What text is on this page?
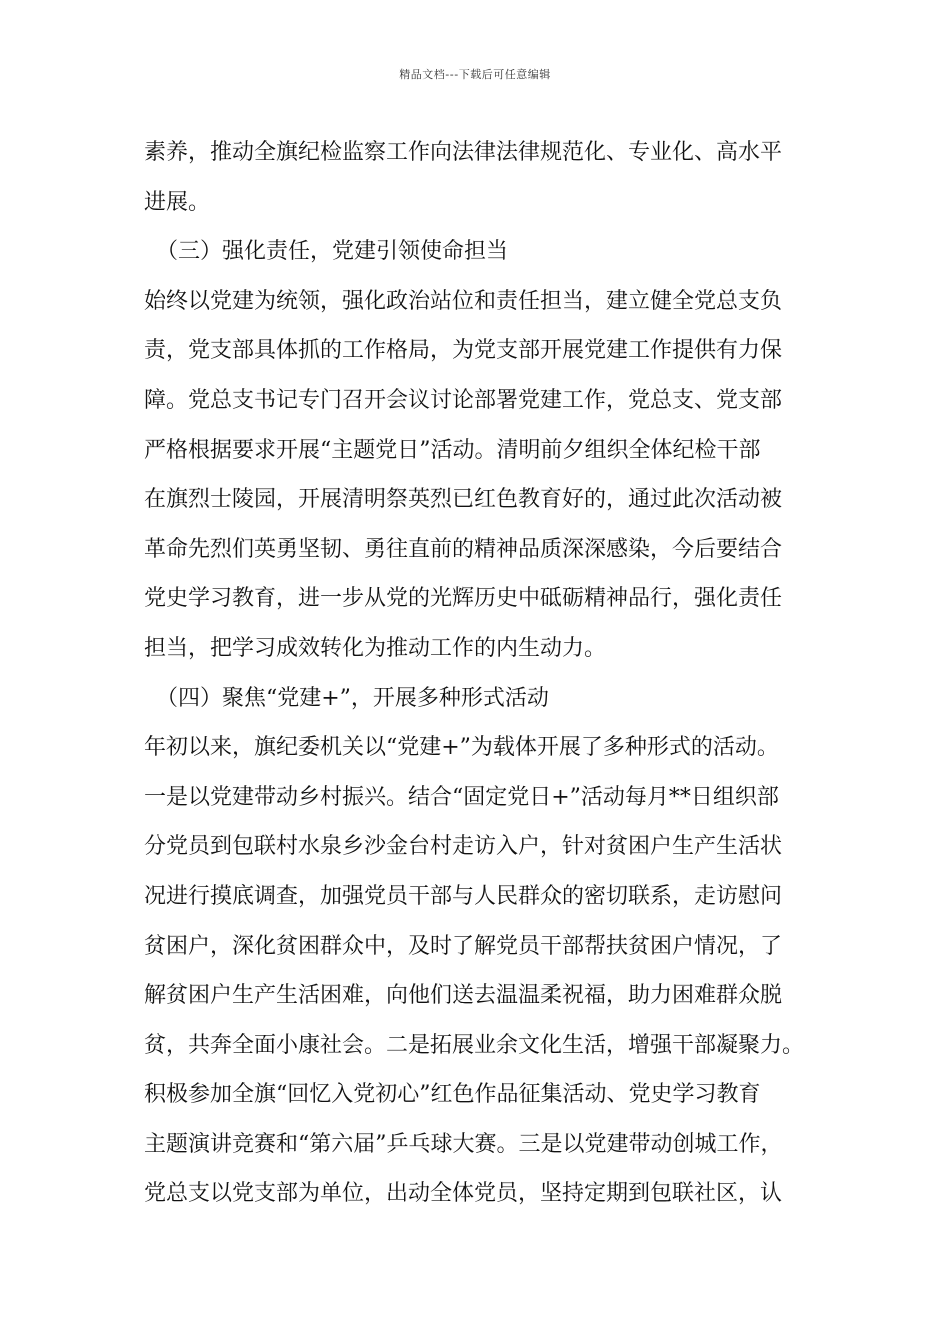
精品文档---下载后可任意编辑
素养，推动全旗纪检监察工作向法律法律规范化、专业化、高水平
进展。
（三）强化责任，党建引领使命担当
始终以党建为统领，强化政治站位和责任担当，建立健全党总支负
责，党支部具体抓的工作格局，为党支部开展党建工作提供有力保
障。党总支书记专门召开会议讨论部署党建工作，党总支、党支部
严格根据要求开展“主题党日”活动。清明前夕组织全体纪检干部
在旗烈士陵园，开展清明祭英烈已红色教育好的，通过此次活动被
革命先烈们英勇坚韧、勇往直前的精神品质深深感染，今后要结合
党史学习教育，进一步从党的光辉历史中砥砺精神品行，强化责任
担当，把学习成效转化为推动工作的内生动力。
（四）聚焦“党建+”，开展多种形式活动
年初以来，旗纪委机关以“党建+”为载体开展了多种形式的活动。
一是以党建带动乡村振兴。结合“固定党日+”活动每月**日组织部
分党员到包联村水泉乡沙金台村走访入户，针对贫困户生产生活状
况进行摸底调查，加强党员干部与人民群众的密切联系，走访慰问
贫困户，深化贫困群众中，及时了解党员干部帮扶贫困户情况，了
解贫困户生产生活困难，向他们送去温温柔祝福，助力困难群众脱
贫，共奔全面小康社会。二是拓展业余文化生活，增强干部凝聚力。
积极参加全旗“回忆入党初心”红色作品征集活动、党史学习教育
主题演讲竞赛和“第六届”乒乓球大赛。三是以党建带动创城工作，
党总支以党支部为单位，出动全体党员，坚持定期到包联社区，认
